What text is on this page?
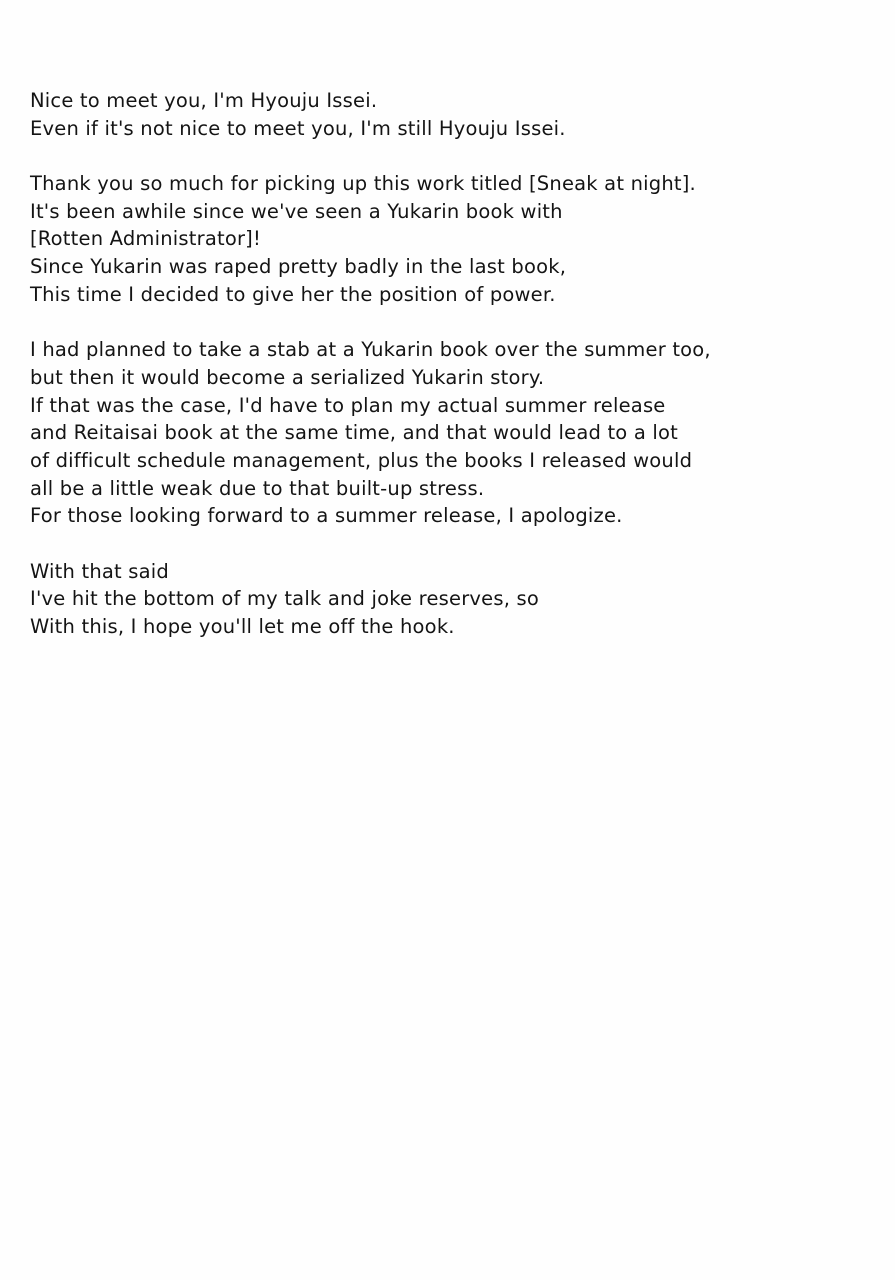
Nice to meet you, I'm Hyouju Issei.
Even if it's not nice to meet you, I'm still Hyouju Issei.
Thank you so much for picking up this work titled [Sneak at night].
It's been awhile since we've seen a Yukarin book with
[Rotten Administrator]!
Since Yukarin was raped pretty badly in the last book,
This time I decided to give her the position of power.
I had planned to take a stab at a Yukarin book over the summer too,
but then it would become a serialized Yukarin story.
If that was the case, I'd have to plan my actual summer release
and Reitaisai book at the same time, and that would lead to a lot
of difficult schedule management, plus the books I released would
all be a little weak due to that built-up stress.
For those looking forward to a summer release, I apologize.
With that said
I've hit the bottom of my talk and joke reserves, so
With this, I hope you'll let me off the hook.
